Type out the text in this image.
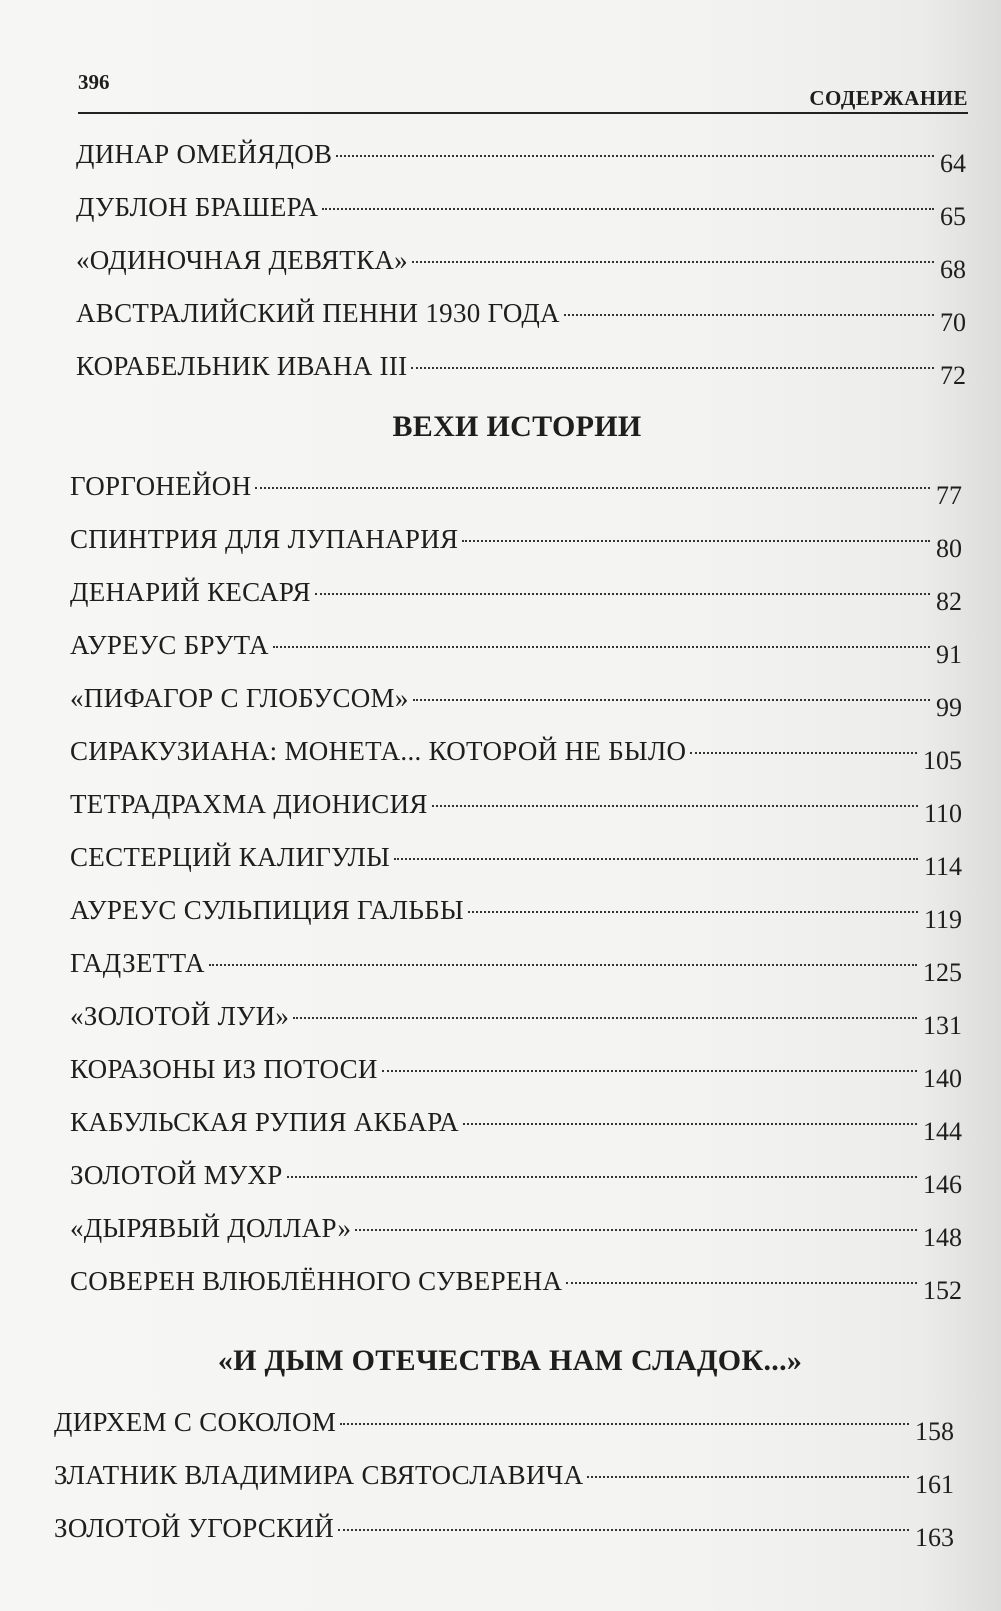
396
СОДЕРЖАНИЕ
ДИНАР ОМЕЙЯДОВ	64
ДУБЛОН БРАШЕРА	65
«ОДИНОЧНАЯ ДЕВЯТКА»	68
АВСТРАЛИЙСКИЙ ПЕННИ 1930 ГОДА	70
КОРАБЕЛЬНИК ИВАНА III	72
ВЕХИ ИСТОРИИ
ГОРГОНЕЙОН	77
СПИНТРИЯ ДЛЯ ЛУПАНАРИЯ	80
ДЕНАРИЙ КЕСАРЯ	82
АУРЕУС БРУТА	91
«ПИФАГОР С ГЛОБУСОМ»	99
СИРАКУЗИАНА: МОНЕТА... КОТОРОЙ НЕ БЫЛО	105
ТЕТРАДРАХМА ДИОНИСИЯ	110
СЕСТЕРЦИЙ КАЛИГУЛЫ	114
АУРЕУС СУЛЬПИЦИЯ ГАЛЬБЫ	119
ГАДЗЕТТА	125
«ЗОЛОТОЙ ЛУИ»	131
КОРАЗОНЫ ИЗ ПОТОСИ	140
КАБУЛЬСКАЯ РУПИЯ АКБАРА	144
ЗОЛОТОЙ МУХР	146
«ДЫРЯВЫЙ ДОЛЛАР»	148
СОВЕРЕН ВЛЮБЛЁННОГО СУВЕРЕНА	152
«И ДЫМ ОТЕЧЕСТВА НАМ СЛАДОК...»
ДИРХЕМ С СОКОЛОМ	158
ЗЛАТНИК ВЛАДИМИРА СВЯТОСЛАВИЧА	161
ЗОЛОТОЙ УГОРСКИЙ	163
